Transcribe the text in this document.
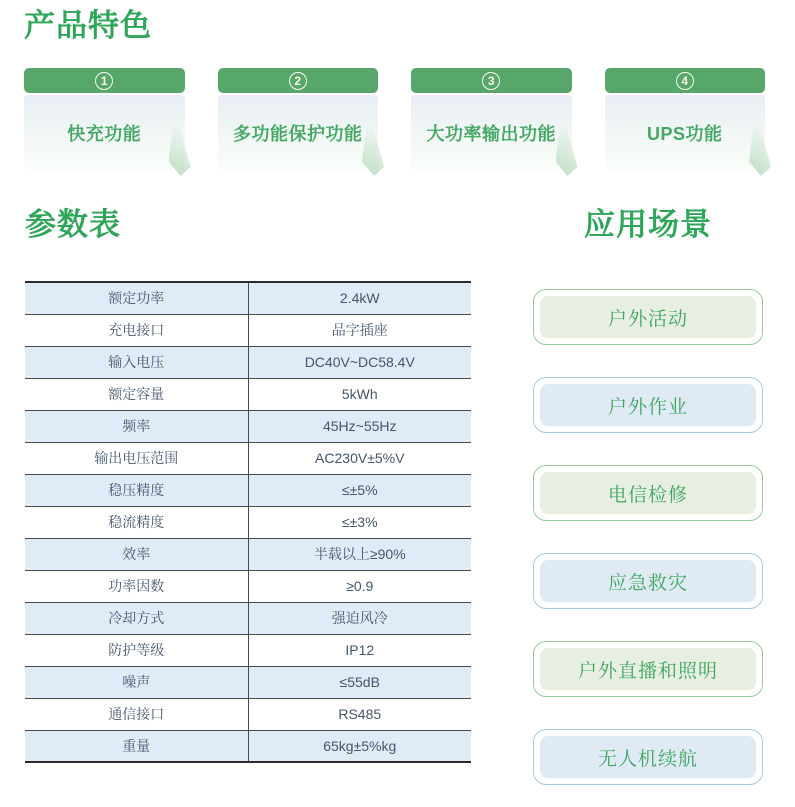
产品特色
1
快充功能
2
多功能保护功能
3
大功率输出功能
4
UPS功能
参数表
额定功率	2.4kW
充电接口	品字插座
输入电压	DC40V~DC58.4V
额定容量	5kWh
频率	45Hz~55Hz
输出电压范围	AC230V±5%V
稳压精度	≤±5%
稳流精度	≤±3%
效率	半载以上≥90%
功率因数	≥0.9
冷却方式	强迫风冷
防护等级	IP12
噪声	≤55dB
通信接口	RS485
重量	65kg±5%kg
应用场景
户外活动
户外作业
电信检修
应急救灾
户外直播和照明
无人机续航
